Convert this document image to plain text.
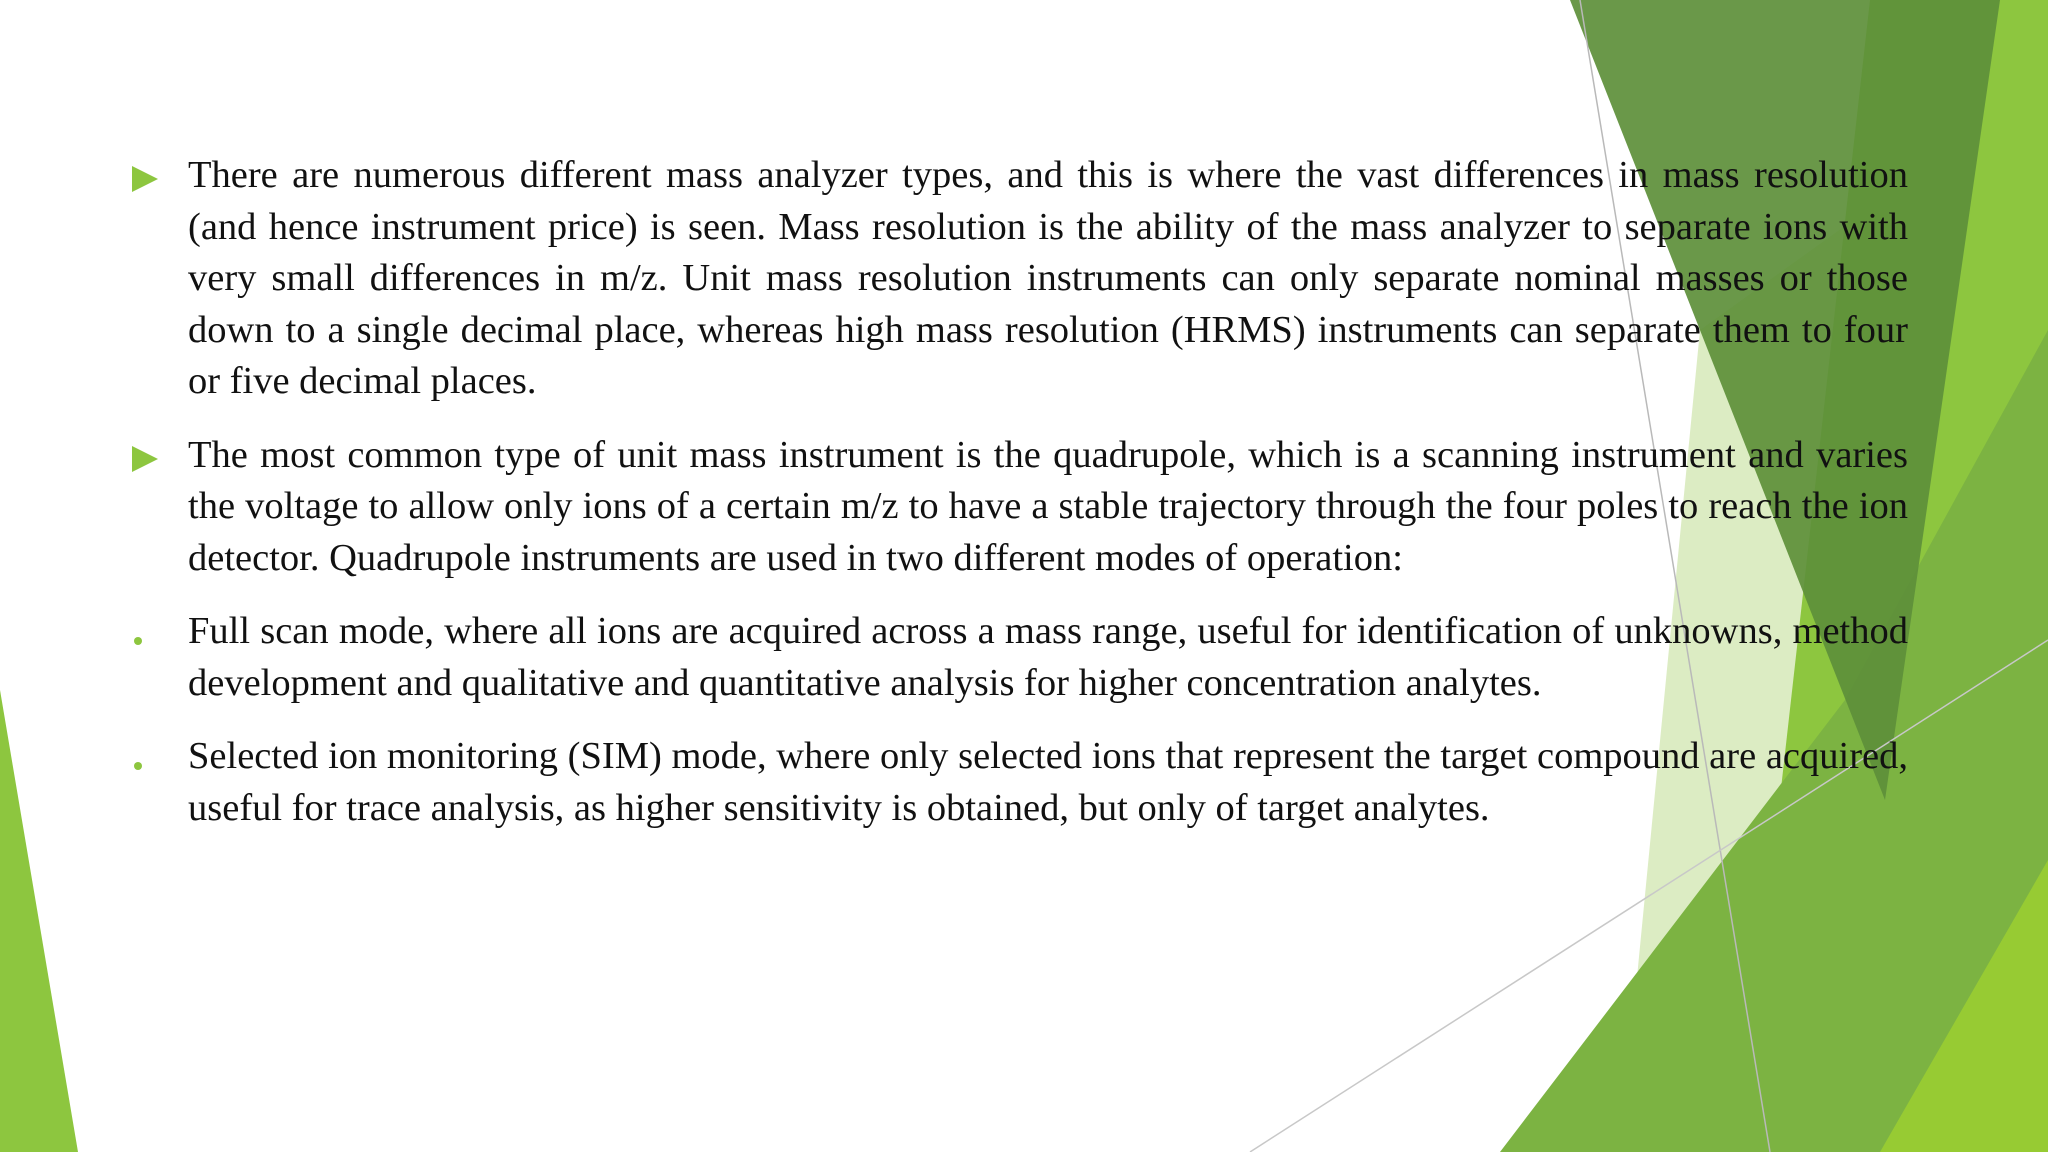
There are numerous different mass analyzer types, and this is where the vast differences in mass resolution (and hence instrument price) is seen. Mass resolution is the ability of the mass analyzer to separate ions with very small differences in m/z. Unit mass resolution instruments can only separate nominal masses or those down to a single decimal place, whereas high mass resolution (HRMS) instruments can separate them to four or five decimal places.
The most common type of unit mass instrument is the quadrupole, which is a scanning instrument and varies the voltage to allow only ions of a certain m/z to have a stable trajectory through the four poles to reach the ion detector. Quadrupole instruments are used in two different modes of operation:
Full scan mode, where all ions are acquired across a mass range, useful for identification of unknowns, method development and qualitative and quantitative analysis for higher concentration analytes.
Selected ion monitoring (SIM) mode, where only selected ions that represent the target compound are acquired, useful for trace analysis, as higher sensitivity is obtained, but only of target analytes.
